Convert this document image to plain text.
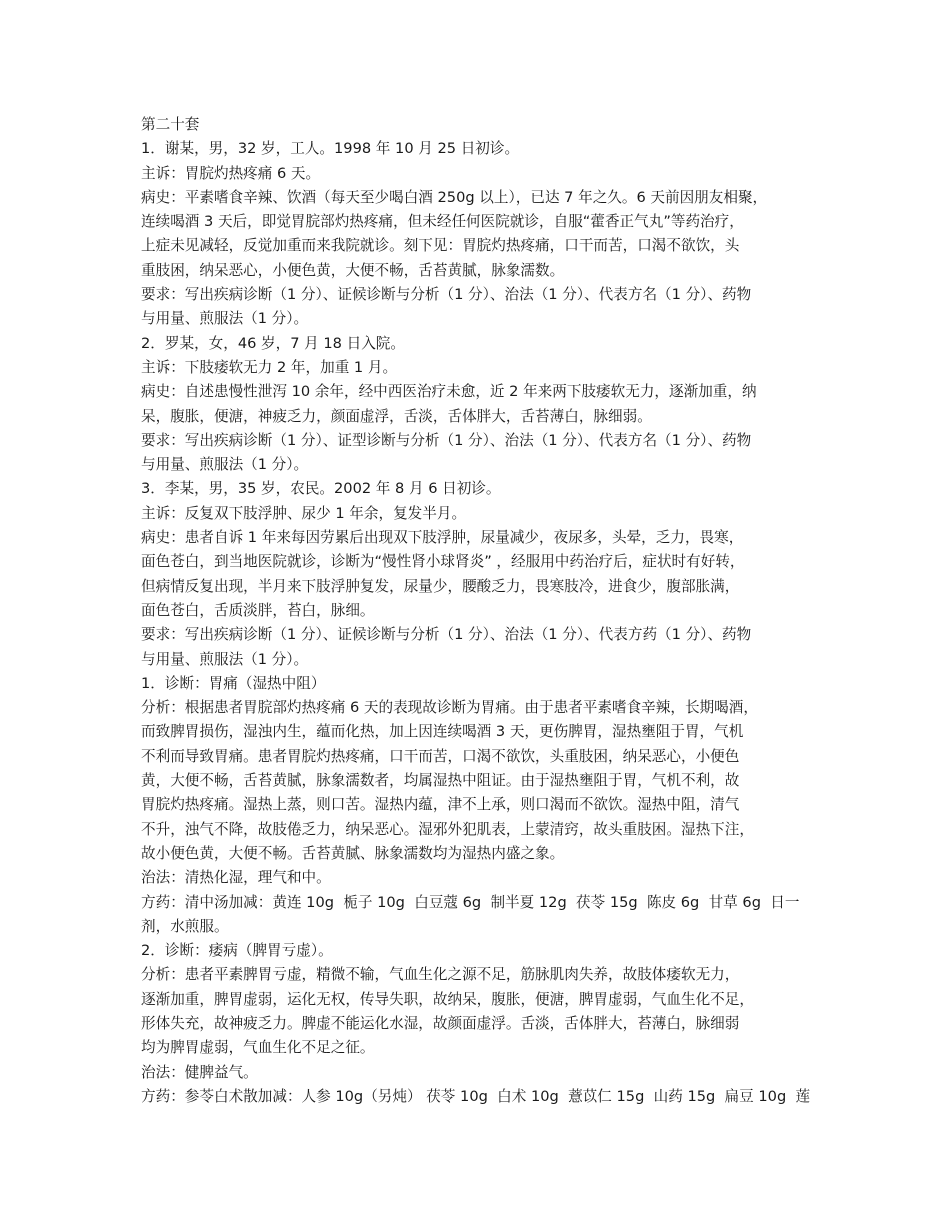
第二十套

1．谢某，男，32 岁，工人。1998 年 10 月 25 日初诊。

主诉：胃脘灼热疼痛 6 天。

病史：平素嗜食辛辣、饮酒（每天至少喝白酒 250g 以上），已达 7 年之久。6 天前因朋友相聚，

连续喝酒 3 天后，即觉胃脘部灼热疼痛，但未经任何医院就诊，自服“藿香正气丸”等药治疗，

上症未见减轻，反觉加重而来我院就诊。刻下见：胃脘灼热疼痛，口干而苦，口渴不欲饮，头

重肢困，纳呆恶心，小便色黄，大便不畅，舌苔黄腻，脉象濡数。

要求：写出疾病诊断（1 分）、证候诊断与分析（1 分）、治法（1 分）、代表方名（1 分）、药物

与用量、煎服法（1 分）。

2．罗某，女，46 岁，7 月 18 日入院。

主诉：下肢痿软无力 2 年，加重 1 月。

病史：自述患慢性泄泻 10 余年，经中西医治疗未愈，近 2 年来两下肢痿软无力，逐渐加重，纳

呆，腹胀，便溏，神疲乏力，颜面虚浮，舌淡，舌体胖大，舌苔薄白，脉细弱。

要求：写出疾病诊断（1 分）、证型诊断与分析（1 分）、治法（1 分）、代表方名（1 分）、药物

与用量、煎服法（1 分）。

3．李某，男，35 岁，农民。2002 年 8 月 6 日初诊。

主诉：反复双下肢浮肿、尿少 1 年余，复发半月。

病史：患者自诉 1 年来每因劳累后出现双下肢浮肿，尿量减少，夜尿多，头晕，乏力，畏寒，

面色苍白，到当地医院就诊，诊断为“慢性肾小球肾炎” ，经服用中药治疗后，症状时有好转，

但病情反复出现，半月来下肢浮肿复发，尿量少，腰酸乏力，畏寒肢冷，进食少，腹部胀满，

面色苍白，舌质淡胖，苔白，脉细。

要求：写出疾病诊断（1 分）、证候诊断与分析（1 分）、治法（1 分）、代表方药（1 分）、药物

与用量、煎服法（1 分）。

1．诊断：胃痛（湿热中阻）

分析：根据患者胃脘部灼热疼痛 6 天的表现故诊断为胃痛。由于患者平素嗜食辛辣，长期喝酒，

而致脾胃损伤，湿浊内生，蕴而化热，加上因连续喝酒 3 天，更伤脾胃，湿热壅阻于胃，气机

不利而导致胃痛。患者胃脘灼热疼痛，口干而苦，口渴不欲饮，头重肢困，纳呆恶心，小便色

黄，大便不畅，舌苔黄腻，脉象濡数者，均属湿热中阻证。由于湿热壅阻于胃，气机不利，故

胃脘灼热疼痛。湿热上蒸，则口苦。湿热内蕴，津不上承，则口渴而不欲饮。湿热中阻，清气

不升，浊气不降，故肢倦乏力，纳呆恶心。湿邪外犯肌表，上蒙清窍，故头重肢困。湿热下注，

故小便色黄，大便不畅。舌苔黄腻、脉象濡数均为湿热内盛之象。

治法：清热化湿，理气和中。

方药：清中汤加减：黄连 10g  栀子 10g  白豆蔻 6g  制半夏 12g  茯苓 15g  陈皮 6g  甘草 6g  日一

剂，水煎服。

2．诊断：痿病（脾胃亏虚）。

分析：患者平素脾胃亏虚，精微不输，气血生化之源不足，筋脉肌肉失养，故肢体痿软无力，

逐渐加重，脾胃虚弱，运化无权，传导失职，故纳呆，腹胀，便溏，脾胃虚弱，气血生化不足，

形体失充，故神疲乏力。脾虚不能运化水湿，故颜面虚浮。舌淡，舌体胖大，苔薄白，脉细弱

均为脾胃虚弱，气血生化不足之征。

治法：健脾益气。

方药：参苓白术散加减：人参 10g（另炖） 茯苓 10g  白术 10g  薏苡仁 15g  山药 15g  扁豆 10g  莲
